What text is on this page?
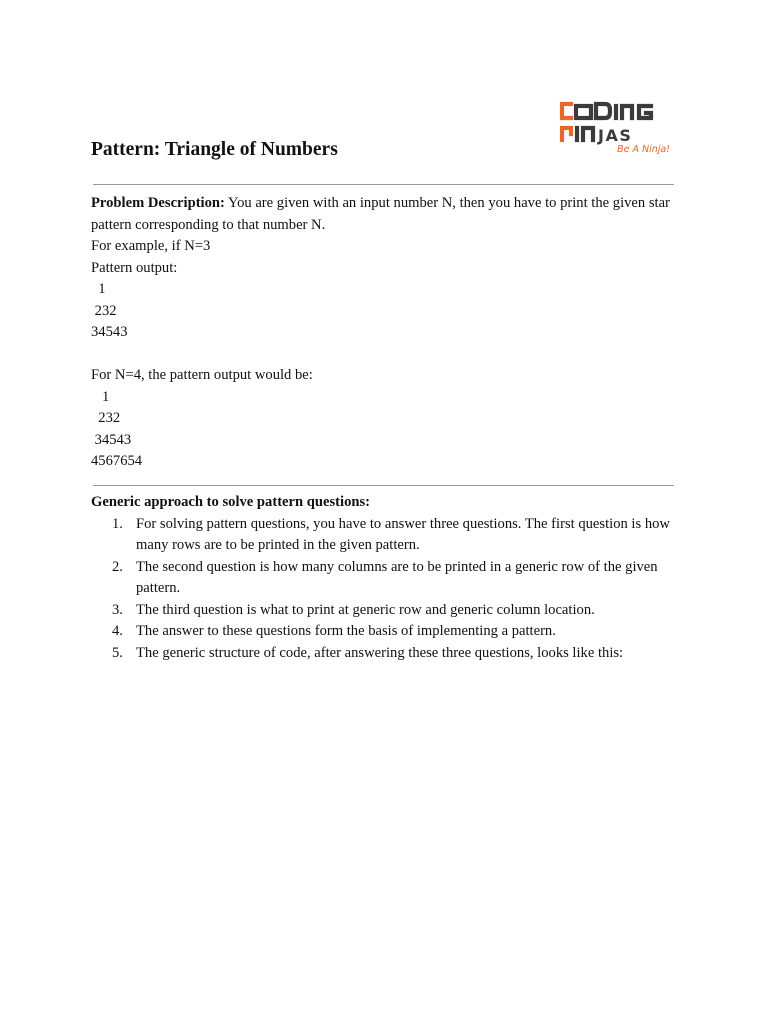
JAS
Be A Ninja!
Pattern: Triangle of Numbers
Problem Description: You are given with an input number N, then you have to print the given star pattern corresponding to that number N.
For example, if N=3
Pattern output:
1
232
34543
For N=4, the pattern output would be:
1
232
34543
4567654
Generic approach to solve pattern questions:
1. For solving pattern questions, you have to answer three questions. The first question is how many rows are to be printed in the given pattern.
2. The second question is how many columns are to be printed in a generic row of the given pattern.
3. The third question is what to print at generic row and generic column location.
4. The answer to these questions form the basis of implementing a pattern.
5. The generic structure of code, after answering these three questions, looks like this:
